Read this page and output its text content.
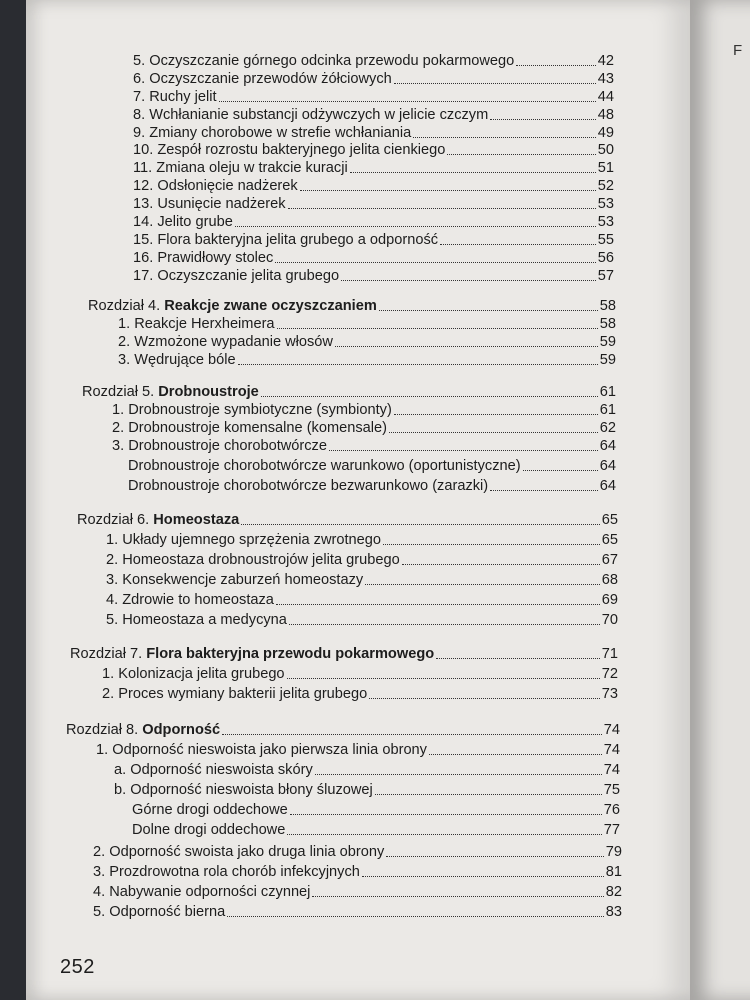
F
5. Oczyszczanie górnego odcinka przewodu pokarmowego	42
6. Oczyszczanie przewodów żółciowych	43
7. Ruchy jelit	44
8. Wchłanianie substancji odżywczych w jelicie czczym	48
9. Zmiany chorobowe w strefie wchłaniania	49
10. Zespół rozrostu bakteryjnego jelita cienkiego	50
11. Zmiana oleju w trakcie kuracji	51
12. Odsłonięcie nadżerek	52
13. Usunięcie nadżerek	53
14. Jelito grube	53
15. Flora bakteryjna jelita grubego a odporność	55
16. Prawidłowy stolec	56
17. Oczyszczanie jelita grubego	57
Rozdział 4. Reakcje zwane oczyszczaniem	58
1. Reakcje Herxheimera	58
2. Wzmożone wypadanie włosów	59
3. Wędrujące bóle	59
Rozdział 5. Drobnoustroje	61
1. Drobnoustroje symbiotyczne (symbionty)	61
2. Drobnoustroje komensalne (komensale)	62
3. Drobnoustroje chorobotwórcze	64
Drobnoustroje chorobotwórcze warunkowo (oportunistyczne)	64
Drobnoustroje chorobotwórcze bezwarunkowo (zarazki)	64
Rozdział 6. Homeostaza	65
1. Układy ujemnego sprzężenia zwrotnego	65
2. Homeostaza drobnoustrojów jelita grubego	67
3. Konsekwencje zaburzeń homeostazy	68
4. Zdrowie to homeostaza	69
5. Homeostaza a medycyna	70
Rozdział 7. Flora bakteryjna przewodu pokarmowego	71
1. Kolonizacja jelita grubego	72
2. Proces wymiany bakterii jelita grubego	73
Rozdział 8. Odporność	74
1. Odporność nieswoista jako pierwsza linia obrony	74
a. Odporność nieswoista skóry	74
b. Odporność nieswoista błony śluzowej	75
Górne drogi oddechowe	76
Dolne drogi oddechowe	77
2. Odporność swoista jako druga linia obrony	79
3. Prozdrowotna rola chorób infekcyjnych	81
4. Nabywanie odporności czynnej	82
5. Odporność bierna	83
252
